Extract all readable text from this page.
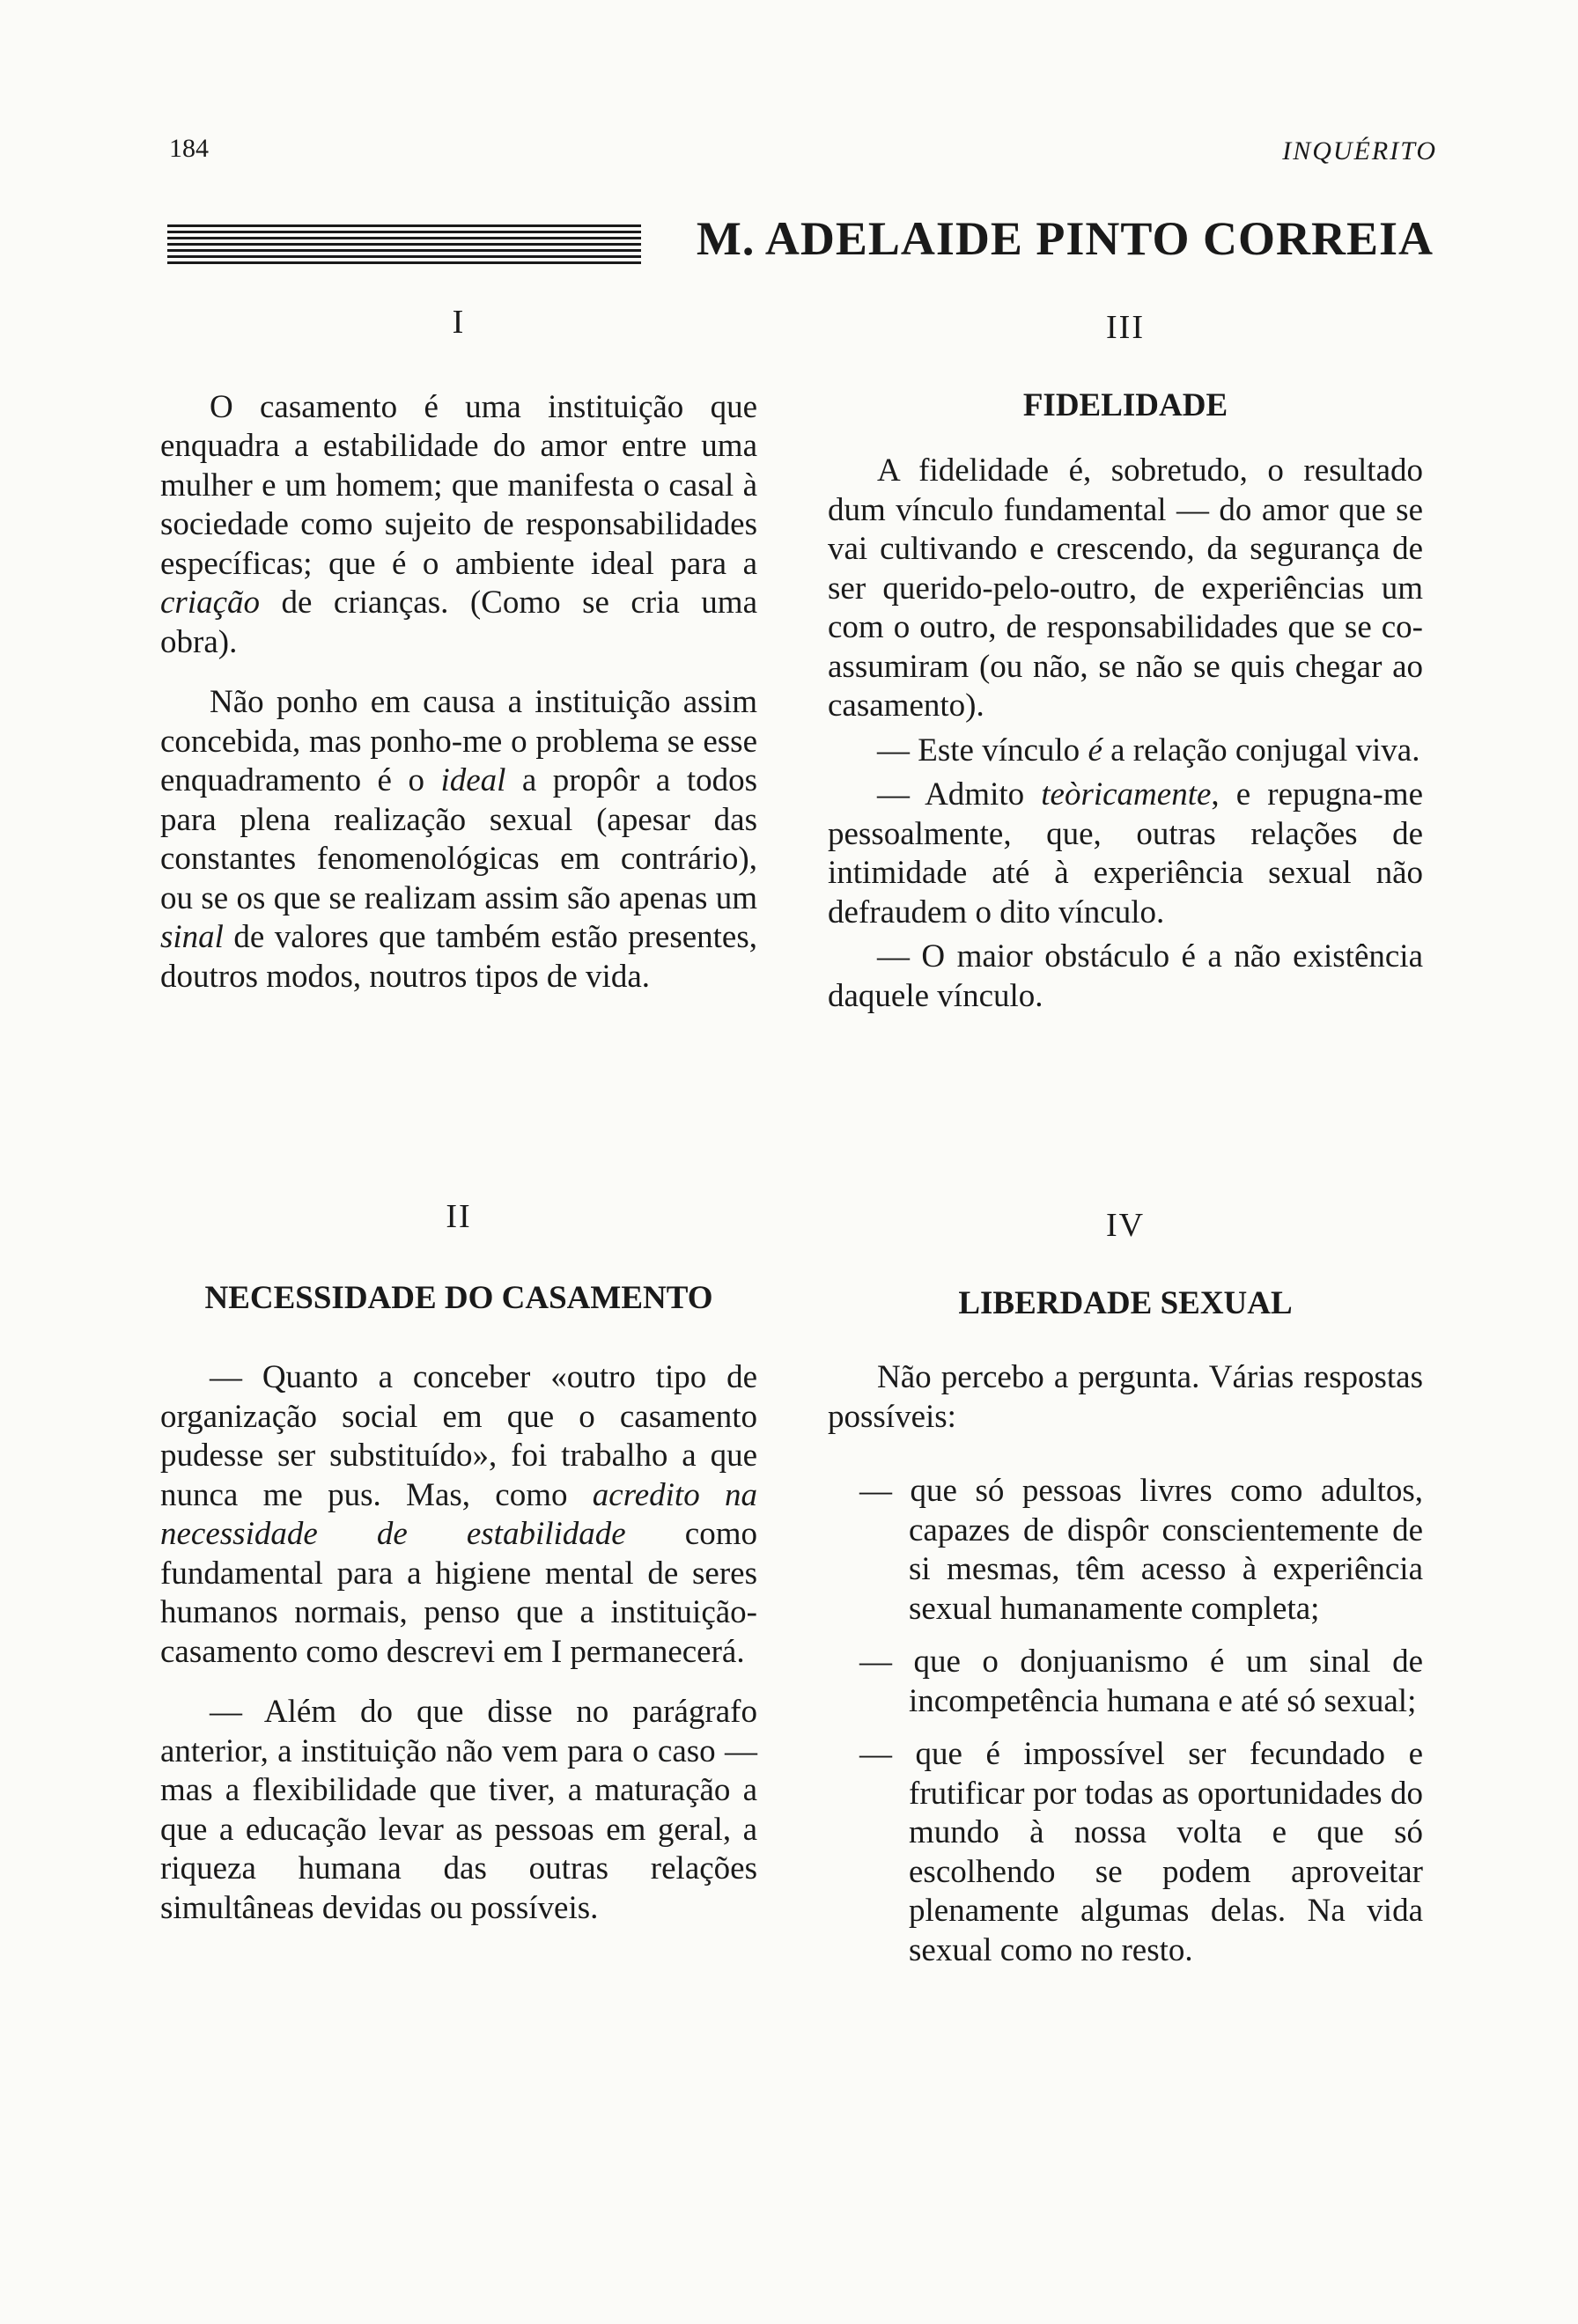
184	INQUÉRITO
M. ADELAIDE PINTO CORREIA

I

O casamento é uma instituição que enquadra a estabilidade do amor entre uma mulher e um homem; que manifesta o casal à sociedade como sujeito de responsabilidades específicas; que é o ambiente ideal para a criação de crianças. (Como se cria uma obra).

Não ponho em causa a instituição assim concebida, mas ponho-me o problema se esse enquadramento é o ideal a propôr a todos para plena realização sexual (apesar das constantes fenomenológicas em contrário), ou se os que se realizam assim são apenas um sinal de valores que também estão presentes, doutros modos, noutros tipos de vida.

II

NECESSIDADE DO CASAMENTO

— Quanto a conceber «outro tipo de organização social em que o casamento pudesse ser substituído», foi trabalho a que nunca me pus. Mas, como acredito na necessidade de estabilidade como fundamental para a higiene mental de seres humanos normais, penso que a instituição-casamento como descrevi em I permanecerá.

— Além do que disse no parágrafo anterior, a instituição não vem para o caso — mas a flexibilidade que tiver, a maturação a que a educação levar as pessoas em geral, a riqueza humana das outras relações simultâneas devidas ou possíveis.

III

FIDELIDADE

A fidelidade é, sobretudo, o resultado dum vínculo fundamental — do amor que se vai cultivando e crescendo, da segurança de ser querido-pelo-outro, de experiências um com o outro, de responsabilidades que se co-assumiram (ou não, se não se quis chegar ao casamento).

— Este vínculo é a relação conjugal viva.

— Admito teòricamente, e repugna-me pessoalmente, que, outras relações de intimidade até à experiência sexual não defraudem o dito vínculo.

— O maior obstáculo é a não existência daquele vínculo.

IV

LIBERDADE SEXUAL

Não percebo a pergunta. Várias respostas possíveis:

— que só pessoas livres como adultos, capazes de dispôr conscientemente de si mesmas, têm acesso à experiência sexual humanamente completa;

— que o donjuanismo é um sinal de incompetência humana e até só sexual;

— que é impossível ser fecundado e frutificar por todas as oportunidades do mundo à nossa volta e que só escolhendo se podem aproveitar plenamente algumas delas. Na vida sexual como no resto.
